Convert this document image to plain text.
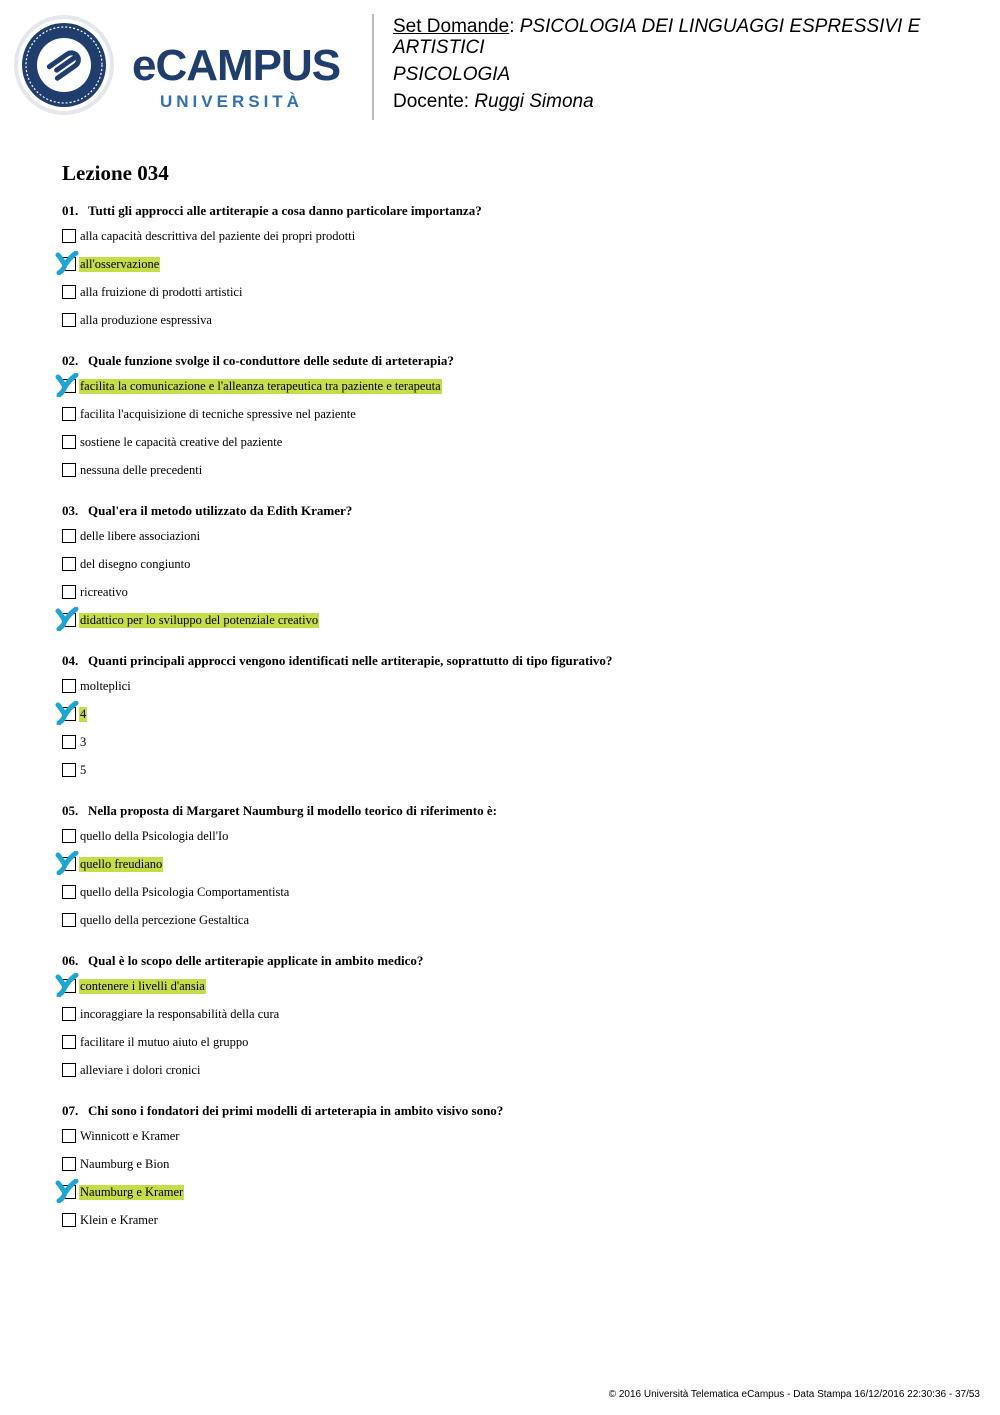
eCAMPUS
UNIVERSITÀ

Set Domande: PSICOLOGIA DEI LINGUAGGI ESPRESSIVI E

ARTISTICI

PSICOLOGIA

Docente: Ruggi Simona

Lezione 034

01. Tutti gli approcci alle artiterapie a cosa danno particolare importanza?

alla capacità descrittiva del paziente dei propri prodotti
all'osservazione
alla fruizione di prodotti artistici
alla produzione espressiva

02. Quale funzione svolge il co-conduttore delle sedute di arteterapia?

facilita la comunicazione e l'alleanza terapeutica tra paziente e terapeuta
facilita l'acquisizione di tecniche spressive nel paziente
sostiene le capacità creative del paziente
nessuna delle precedenti

03. Qual'era il metodo utilizzato da Edith Kramer?

delle libere associazioni
del disegno congiunto
ricreativo
didattico per lo sviluppo del potenziale creativo

04. Quanti principali approcci vengono identificati nelle artiterapie, soprattutto di tipo figurativo?

molteplici
4
3
5

05. Nella proposta di Margaret Naumburg il modello teorico di riferimento è:

quello della Psicologia dell'Io
quello freudiano
quello della Psicologia Comportamentista
quello della percezione Gestaltica

06. Qual è lo scopo delle artiterapie applicate in ambito medico?

contenere i livelli d'ansia
incoraggiare la responsabilità della cura
facilitare il mutuo aiuto el gruppo
alleviare i dolori cronici

07. Chi sono i fondatori dei primi modelli di arteterapia in ambito visivo sono?

Winnicott e Kramer
Naumburg e Bion
Naumburg e Kramer
Klein e Kramer
© 2016 Università Telematica eCampus - Data Stampa 16/12/2016 22:30:36 - 37/53
